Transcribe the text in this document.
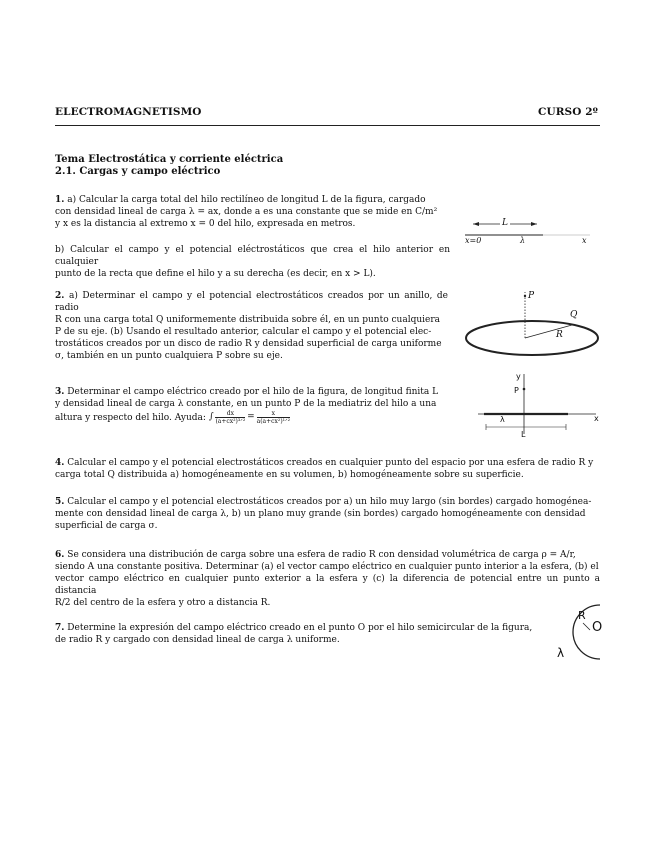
ELECTROMAGNETISMO	CURSO 2º
Tema Electrostática y corriente eléctrica
2.1. Cargas y campo eléctrico
1. a) Calcular la carga total del hilo rectilíneo de longitud L de la figura, cargado
con densidad lineal de carga λ = ax, donde a es una constante que se mide en C/m²
y x es la distancia al extremo x = 0 del hilo, expresada en metros.
b) Calcular el campo y el potencial eléctrostáticos que crea el hilo anterior en cualquier
punto de la recta que define el hilo y a su derecha (es decir, en x > L).
L
x=0	λ	x
2. a) Determinar el campo y el potencial electrostáticos creados por un anillo, de radio
R con una carga total Q uniformemente distribuida sobre él, en un punto cualquiera
P de su eje. (b) Usando el resultado anterior, calcular el campo y el potencial elec-
trostáticos creados por un disco de radio R y densidad superficial de carga uniforme
σ, también en un punto cualquiera P sobre su eje.
P
Q
R
3. Determinar el campo eléctrico creado por el hilo de la figura, de longitud finita L
y densidad lineal de carga λ constante, en un punto P de la mediatriz del hilo a una
altura y respecto del hilo. Ayuda: ∫	dx
(a+cx²)³ᐟ² =	x
a(a+cx²)¹ᐟ²
y
P
λ	x
L
4. Calcular el campo y el potencial electrostáticos creados en cualquier punto del espacio por una esfera de radio R y
carga total Q distribuida a) homogéneamente en su volumen, b) homogéneamente sobre su superficie.
5. Calcular el campo y el potencial electrostáticos creados por a) un hilo muy largo (sin bordes) cargado homogénea-
mente con densidad lineal de carga λ, b) un plano muy grande (sin bordes) cargado homogéneamente con densidad
superficial de carga σ.
6. Se considera una distribución de carga sobre una esfera de radio R con densidad volumétrica de carga ρ = A/r,
siendo A una constante positiva. Determinar (a) el vector campo eléctrico en cualquier punto interior a la esfera, (b) el
vector campo eléctrico en cualquier punto exterior a la esfera y (c) la diferencia de potencial entre un punto a distancia
R/2 del centro de la esfera y otro a distancia R.
7. Determine la expresión del campo eléctrico creado en el punto O por el hilo semicircular de la figura,
de radio R y cargado con densidad lineal de carga λ uniforme.
R
O
λ
